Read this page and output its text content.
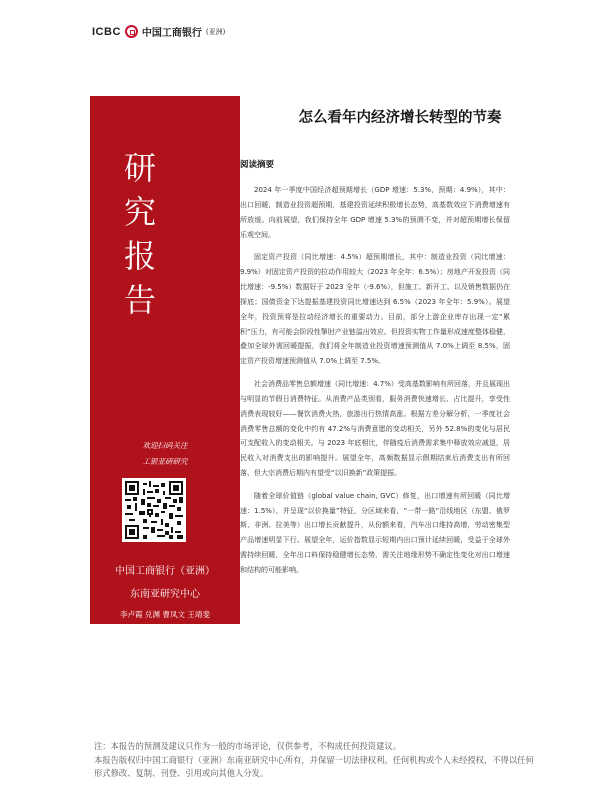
ICBC 中国工商银行 (亚洲)
研
究
报
告
欢迎扫码关注
工银亚研研究
中国工商银行（亚洲）
东南亚研究中心
李卢霞 兑渊 曹凤文 王靖斐
怎么看年内经济增长转型的节奏
阅读摘要

2024 年一季度中国经济超预期增长（GDP 增速：5.3%，预期：4.9%），其中：出口回暖，制造业投资超预期，基建投资延续积极增长态势，高基数效应下消费增速有所放缓。向前展望，我们保持全年 GDP 增速 5.3%的预测不变，并对超预期增长保留乐观空间。

固定资产投资（同比增速：4.5%）超预期增长，其中：制造业投资（同比增速：9.9%）对固定资产投资的拉动作用较大（2023 年全年：6.5%）；房地产开发投资（同比增速：-9.5%）数据好于 2023 全年（-9.6%），但施工、新开工、以及销售数据仍在探底；国债资金下达提振基建投资同比增速达到 6.5%（2023 年全年：5.9%）。展望全年，投资预将是拉动经济增长的重要动力。目前，部分上游企业库存出现一定“累积”压力，有可能会阶段性掣肘产业链溢出效应。但投资实物工作量形成速度整体稳健，叠加全球外需回暖提振，我们将全年制造业投资增速预测值从 7.0%上调至 8.5%，固定资产投资增速预测值从 7.0%上调至 7.5%。

社会消费品零售总额增速（同比增速：4.7%）受高基数影响有所回落，并且展现出与明显的节假日消费特征。从消费产品类别看，服务消费快速增长、占比提升，享受性消费表现较好——餐饮消费火热，旅游出行热情高涨。根据方差分解分析，一季度社会消费零售总额的变化中约有 47.2%与消费意愿的变动相关，另外 52.8%的变化与居民可支配收入的变动相关。与 2023 年底相比，伴随疫后消费需求集中释放效应减退，居民收入对消费支出的影响提升。展望全年，高频数据显示假期结束后消费支出有所回落，但大宗消费后期内有望受“以旧换新”政策提振。

随着全球价值链（global value chain, GVC）修复，出口增速有所回暖（同比增速：1.5%），并呈现“以价换量”特征，分区域来看，“一带一路”沿线地区（东盟、俄罗斯、非洲、拉美等）出口增长贡献提升，从份额来看，汽车出口维持高增，劳动密集型产品增速明显下行。展望全年，运价指数显示短期内出口预计延续回暖，受益于全球外需持续回暖，全年出口料保持稳健增长态势，需关注地缘形势不确定性变化对出口增速和结构的可能影响。

注：本报告的预测及建议只作为一般的市场评论，仅供参考，不构成任何投资建议。
本报告版权归中国工商银行（亚洲）东南亚研究中心所有，并保留一切法律权利。任何机构或个人未经授权，不得以任何形式修改、复制、刊登、引用或向其他人分发。
